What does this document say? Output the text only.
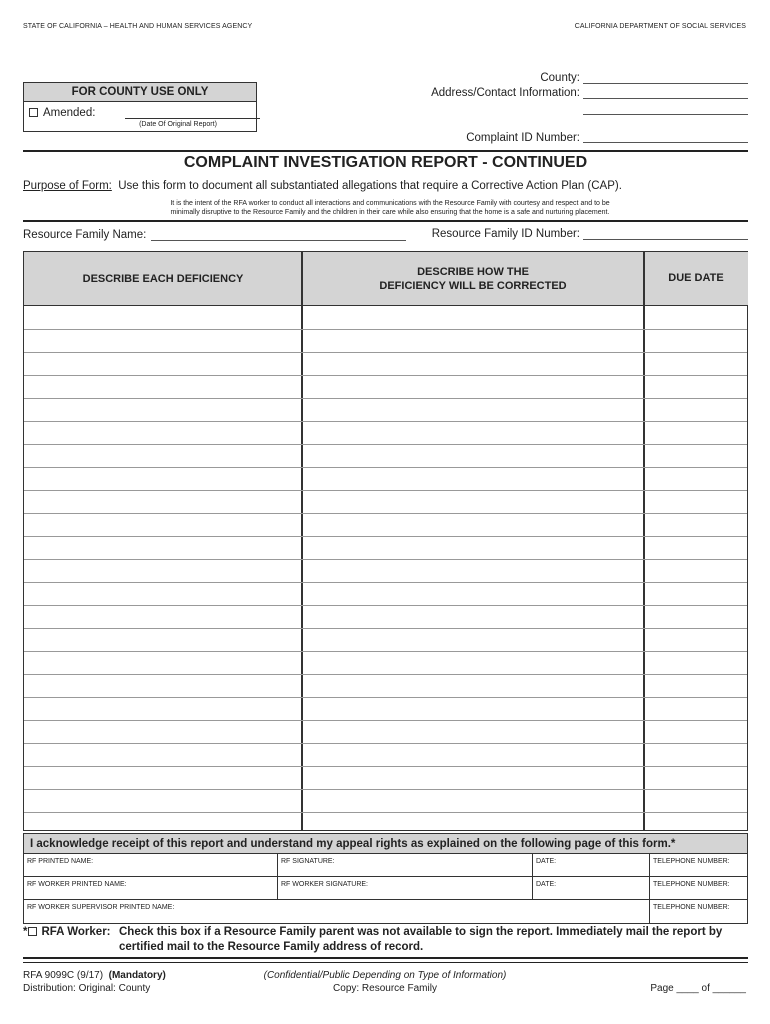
STATE OF CALIFORNIA – HEALTH AND HUMAN SERVICES AGENCY	CALIFORNIA DEPARTMENT OF SOCIAL SERVICES
FOR COUNTY USE ONLY
Amended:
(Date Of Original Report)
County:
Address/Contact Information:
Complaint ID Number:
COMPLAINT INVESTIGATION REPORT - CONTINUED
Purpose of Form: Use this form to document all substantiated allegations that require a Corrective Action Plan (CAP).
It is the intent of the RFA worker to conduct all interactions and communications with the Resource Family with courtesy and respect and to be
minimally disruptive to the Resource Family and the children in their care while also ensuring that the home is a safe and nurturing placement.
Resource Family Name:	Resource Family ID Number:
DESCRIBE EACH DEFICIENCY
DESCRIBE HOW THE
DEFICIENCY WILL BE CORRECTED
DUE DATE
I acknowledge receipt of this report and understand my appeal rights as explained on the following page of this form.*
RF PRINTED NAME:	RF SIGNATURE:	DATE:	TELEPHONE NUMBER:
RF WORKER PRINTED NAME:	RF WORKER SIGNATURE:	DATE:	TELEPHONE NUMBER:
RF WORKER SUPERVISOR PRINTED NAME:	TELEPHONE NUMBER:
* RFA Worker: Check this box if a Resource Family parent was not available to sign the report. Immediately mail the report by
certified mail to the Resource Family address of record.
RFA 9099C (9/17) (Mandatory)
Distribution: Original: County
(Confidential/Public Depending on Type of Information)
Copy: Resource Family	Page ____ of ______
